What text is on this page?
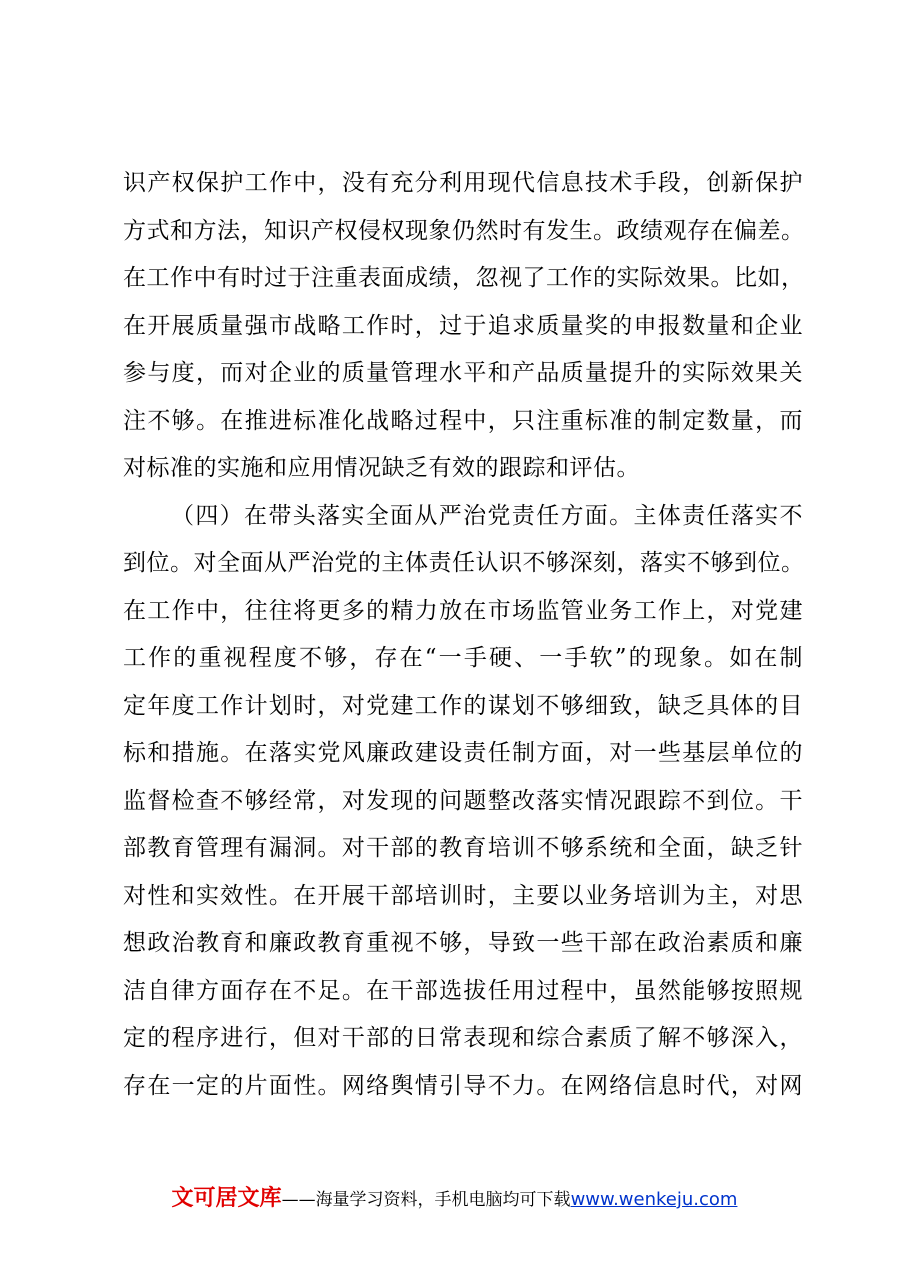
识产权保护工作中，没有充分利用现代信息技术手段，创新保护
方式和方法，知识产权侵权现象仍然时有发生。政绩观存在偏差。
在工作中有时过于注重表面成绩，忽视了工作的实际效果。比如，
在开展质量强市战略工作时，过于追求质量奖的申报数量和企业
参与度，而对企业的质量管理水平和产品质量提升的实际效果关
注不够。在推进标准化战略过程中，只注重标准的制定数量，而
对标准的实施和应用情况缺乏有效的跟踪和评估。
（四）在带头落实全面从严治党责任方面。主体责任落实不
到位。对全面从严治党的主体责任认识不够深刻，落实不够到位。
在工作中，往往将更多的精力放在市场监管业务工作上，对党建
工作的重视程度不够，存在“一手硬、一手软”的现象。如在制
定年度工作计划时，对党建工作的谋划不够细致，缺乏具体的目
标和措施。在落实党风廉政建设责任制方面，对一些基层单位的
监督检查不够经常，对发现的问题整改落实情况跟踪不到位。干
部教育管理有漏洞。对干部的教育培训不够系统和全面，缺乏针
对性和实效性。在开展干部培训时，主要以业务培训为主，对思
想政治教育和廉政教育重视不够，导致一些干部在政治素质和廉
洁自律方面存在不足。在干部选拔任用过程中，虽然能够按照规
定的程序进行，但对干部的日常表现和综合素质了解不够深入，
存在一定的片面性。网络舆情引导不力。在网络信息时代，对网
文可居文库——海量学习资料，手机电脑均可下载www.wenkeju.com
